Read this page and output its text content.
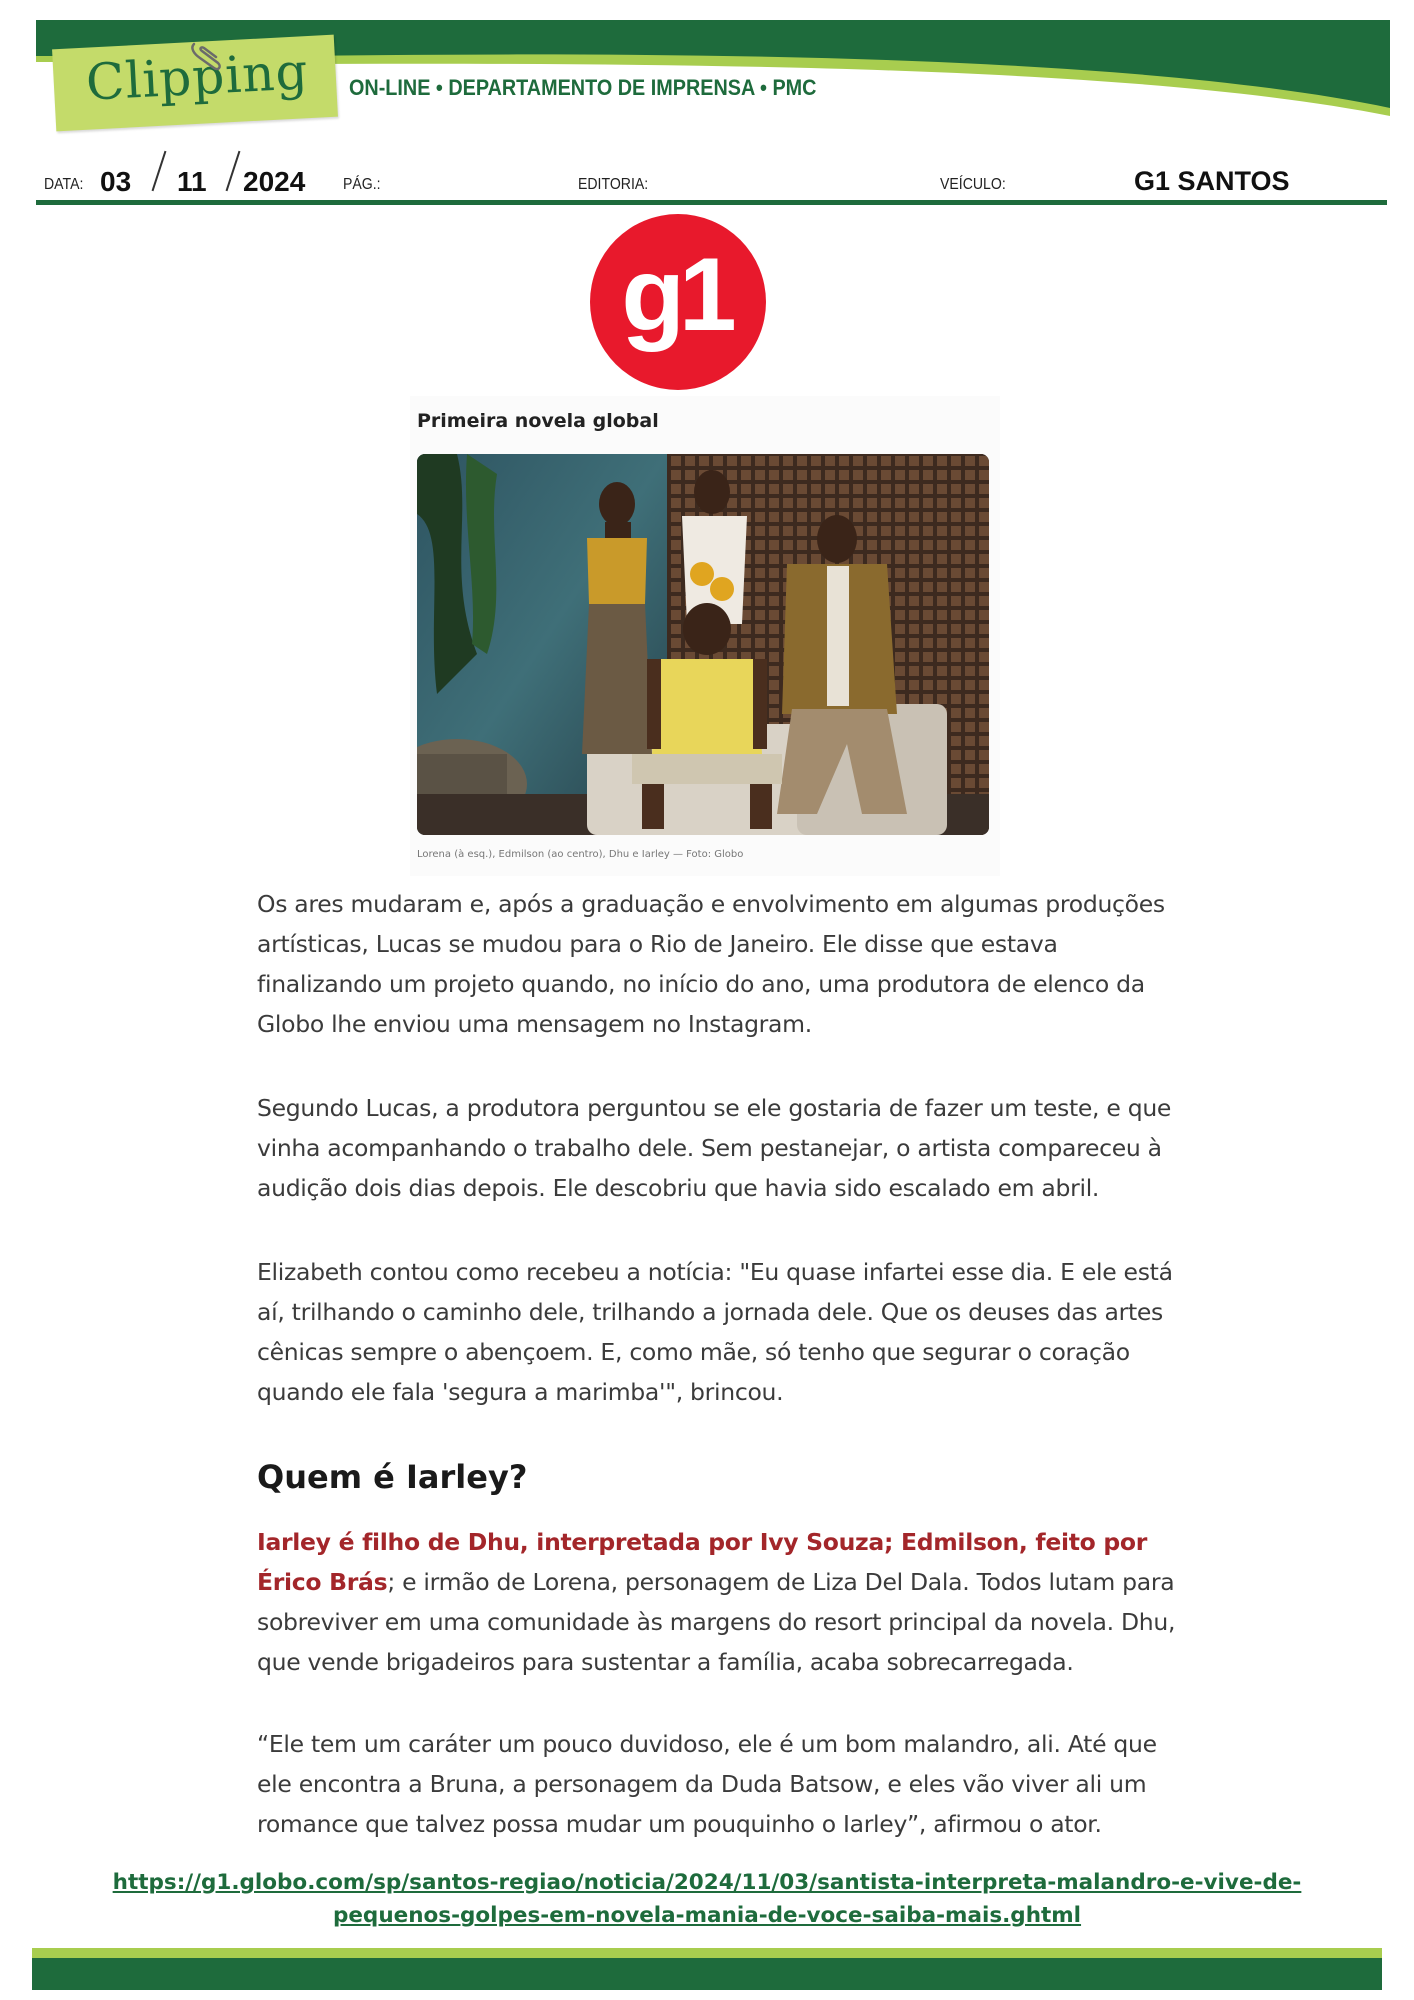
Clipping ON-LINE • DEPARTAMENTO DE IMPRENSA • PMC
DATA: 03 11 2024 PÁG.:	EDITORIA:	VEÍCULO:	G1 SANTOS
g1
Primeira novela global
Lorena (à esq.), Edmilson (ao centro), Dhu e Iarley — Foto: Globo

Os ares mudaram e, após a graduação e envolvimento em algumas produções artísticas, Lucas se mudou para o Rio de Janeiro. Ele disse que estava finalizando um projeto quando, no início do ano, uma produtora de elenco da Globo lhe enviou uma mensagem no Instagram.

Segundo Lucas, a produtora perguntou se ele gostaria de fazer um teste, e que vinha acompanhando o trabalho dele. Sem pestanejar, o artista compareceu à audição dois dias depois. Ele descobriu que havia sido escalado em abril.

Elizabeth contou como recebeu a notícia: "Eu quase infartei esse dia. E ele está aí, trilhando o caminho dele, trilhando a jornada dele. Que os deuses das artes cênicas sempre o abençoem. E, como mãe, só tenho que segurar o coração quando ele fala 'segura a marimba'", brincou.

Quem é Iarley?

Iarley é filho de Dhu, interpretada por Ivy Souza; Edmilson, feito por Érico Brás; e irmão de Lorena, personagem de Liza Del Dala. Todos lutam para sobreviver em uma comunidade às margens do resort principal da novela. Dhu, que vende brigadeiros para sustentar a família, acaba sobrecarregada.

“Ele tem um caráter um pouco duvidoso, ele é um bom malandro, ali. Até que ele encontra a Bruna, a personagem da Duda Batsow, e eles vão viver ali um romance que talvez possa mudar um pouquinho o Iarley”, afirmou o ator.

https://g1.globo.com/sp/santos-regiao/noticia/2024/11/03/santista-interpreta-malandro-e-vive-de-
pequenos-golpes-em-novela-mania-de-voce-saiba-mais.ghtml
